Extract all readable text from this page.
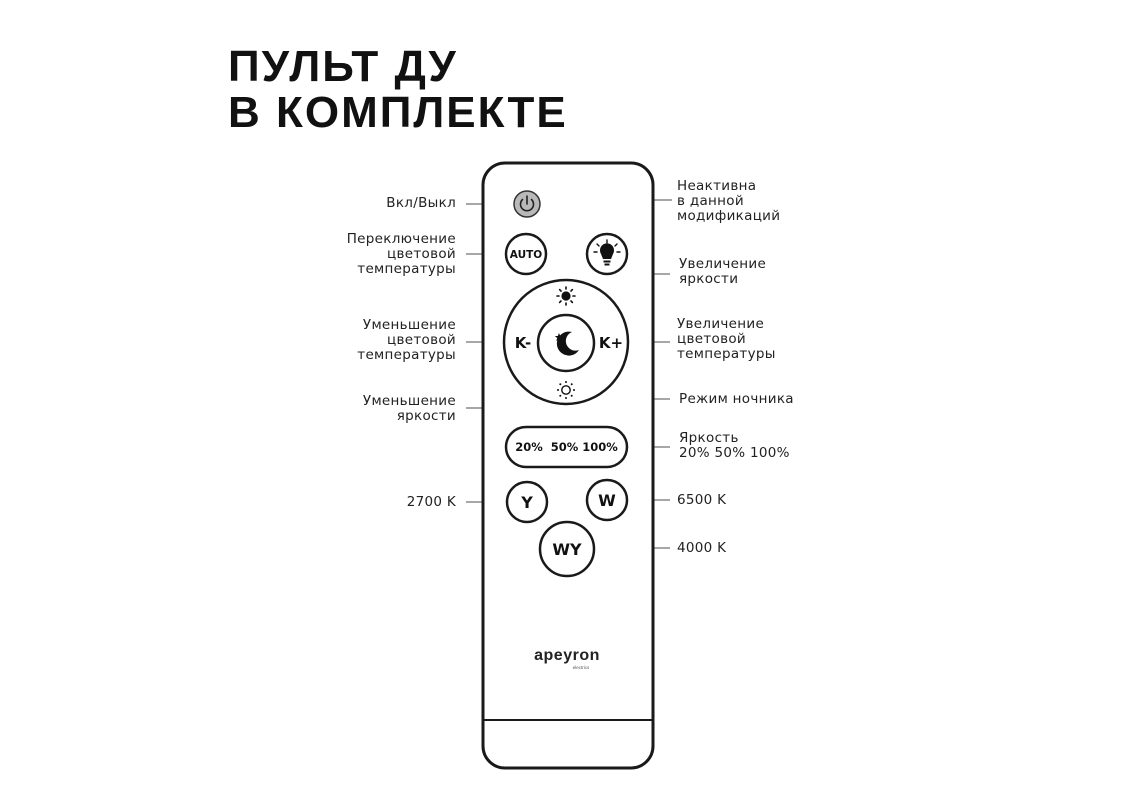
ПУЛЬТ ДУ
В КОМПЛЕКТЕ
AUTO
K-	K+
20%  50% 100%
Y	W
WY
apeyron
electrics
Вкл/Выкл
Переключение
цветовой
температуры
Уменьшение
цветовой
температуры
Уменьшение
яркости
2700 K
Неактивна
в данной
модификаций
Увеличение
яркости
Увеличение
цветовой
температуры
Режим ночника
Яркость
20% 50% 100%
6500 K
4000 K
